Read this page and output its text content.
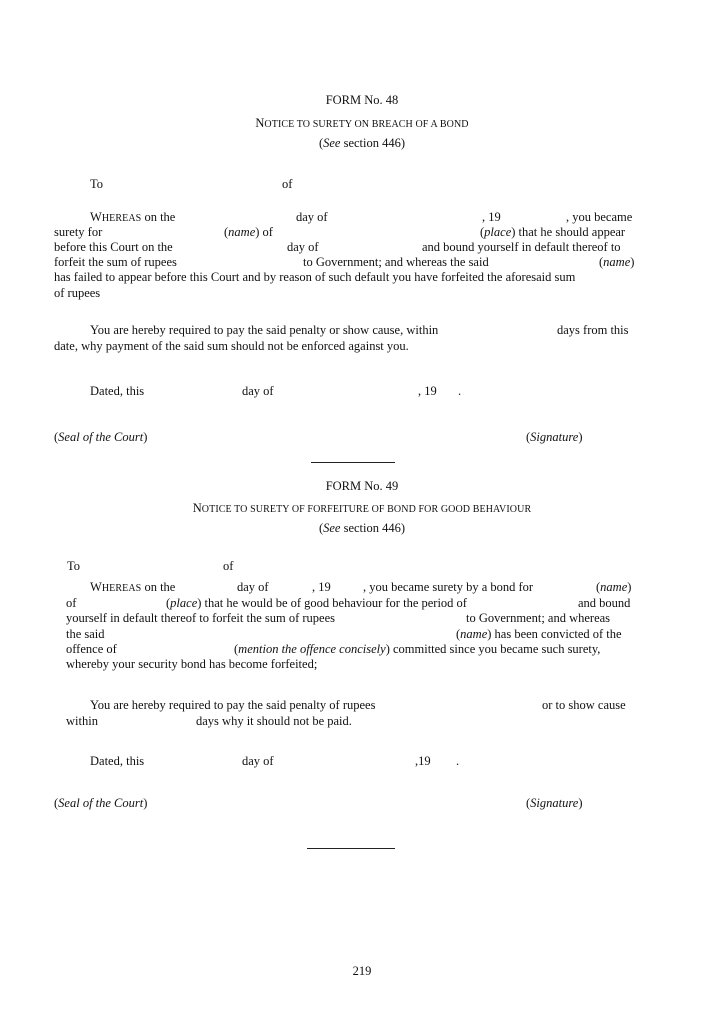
FORM No. 48
NOTICE TO SURETY ON BREACH OF A BOND
(See section 446)
To	of
WHEREAS on the	day of	, 19	, you became
surety for	(name) of	(place) that he should appear
before this Court on the	day of	and bound yourself in default thereof to
forfeit the sum of rupees	to Government; and whereas the said	(name)
has failed to appear before this Court and by reason of such default you have forfeited the aforesaid sum
of rupees
You are hereby required to pay the said penalty or show cause, within	days from this
date, why payment of the said sum should not be enforced against you.
Dated, this	day of	, 19 .
(Seal of the Court)	(Signature)
FORM No. 49
NOTICE TO SURETY OF FORFEITURE OF BOND FOR GOOD BEHAVIOUR
(See section 446)
To	of
WHEREAS on the	day of	, 19	, you became surety by a bond for	(name)
of	(place) that he would be of good behaviour for the period of	and bound
yourself in default thereof to forfeit the sum of rupees	to Government; and whereas
the said	(name) has been convicted of the
offence of	(mention the offence concisely) committed since you became such surety,
whereby your security bond has become forfeited;
You are hereby required to pay the said penalty of rupees	or to show cause
within	days why it should not be paid.
Dated, this	day of	,19 .
(Seal of the Court)	(Signature)
219
